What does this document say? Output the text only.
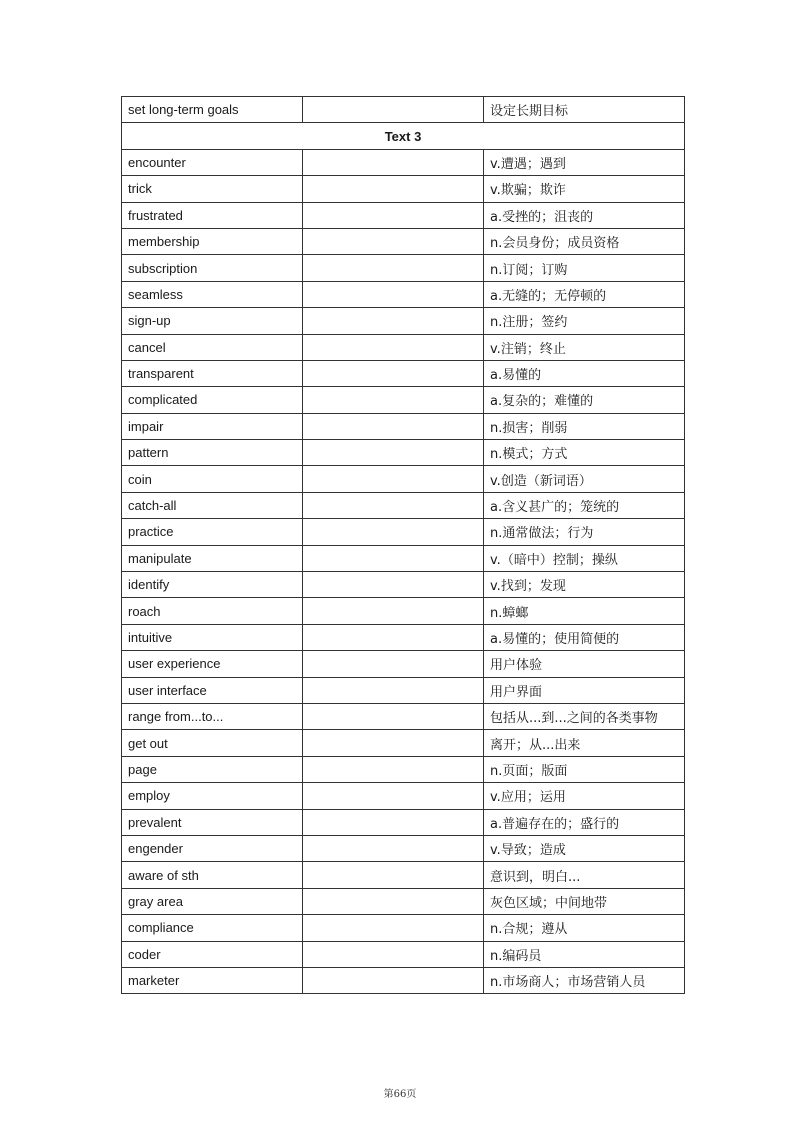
set long-term goals		设定长期目标
Text 3		
encounter		v.遭遇；遇到
trick		v.欺骗；欺诈
frustrated		a.受挫的；沮丧的
membership		n.会员身份；成员资格
subscription		n.订阅；订购
seamless		a.无缝的；无停顿的
sign-up		n.注册；签约
cancel		v.注销；终止
transparent		a.易懂的
complicated		a.复杂的；难懂的
impair		n.损害；削弱
pattern		n.模式；方式
coin		v.创造（新词语）
catch-all		a.含义甚广的；笼统的
practice		n.通常做法；行为
manipulate		v.（暗中）控制；操纵
identify		v.找到；发现
roach		n.蟑螂
intuitive		a.易懂的；使用简便的
user experience		用户体验
user interface		用户界面
range from...to...		包括从...到...之间的各类事物
get out		离开；从...出来
page		n.页面；版面
employ		v.应用；运用
prevalent		a.普遍存在的；盛行的
engender		v.导致；造成
aware of sth		意识到，明白...
gray area		灰色区域；中间地带
compliance		n.合规；遵从
coder		n.编码员
marketer		n.市场商人；市场营销人员
第66页
